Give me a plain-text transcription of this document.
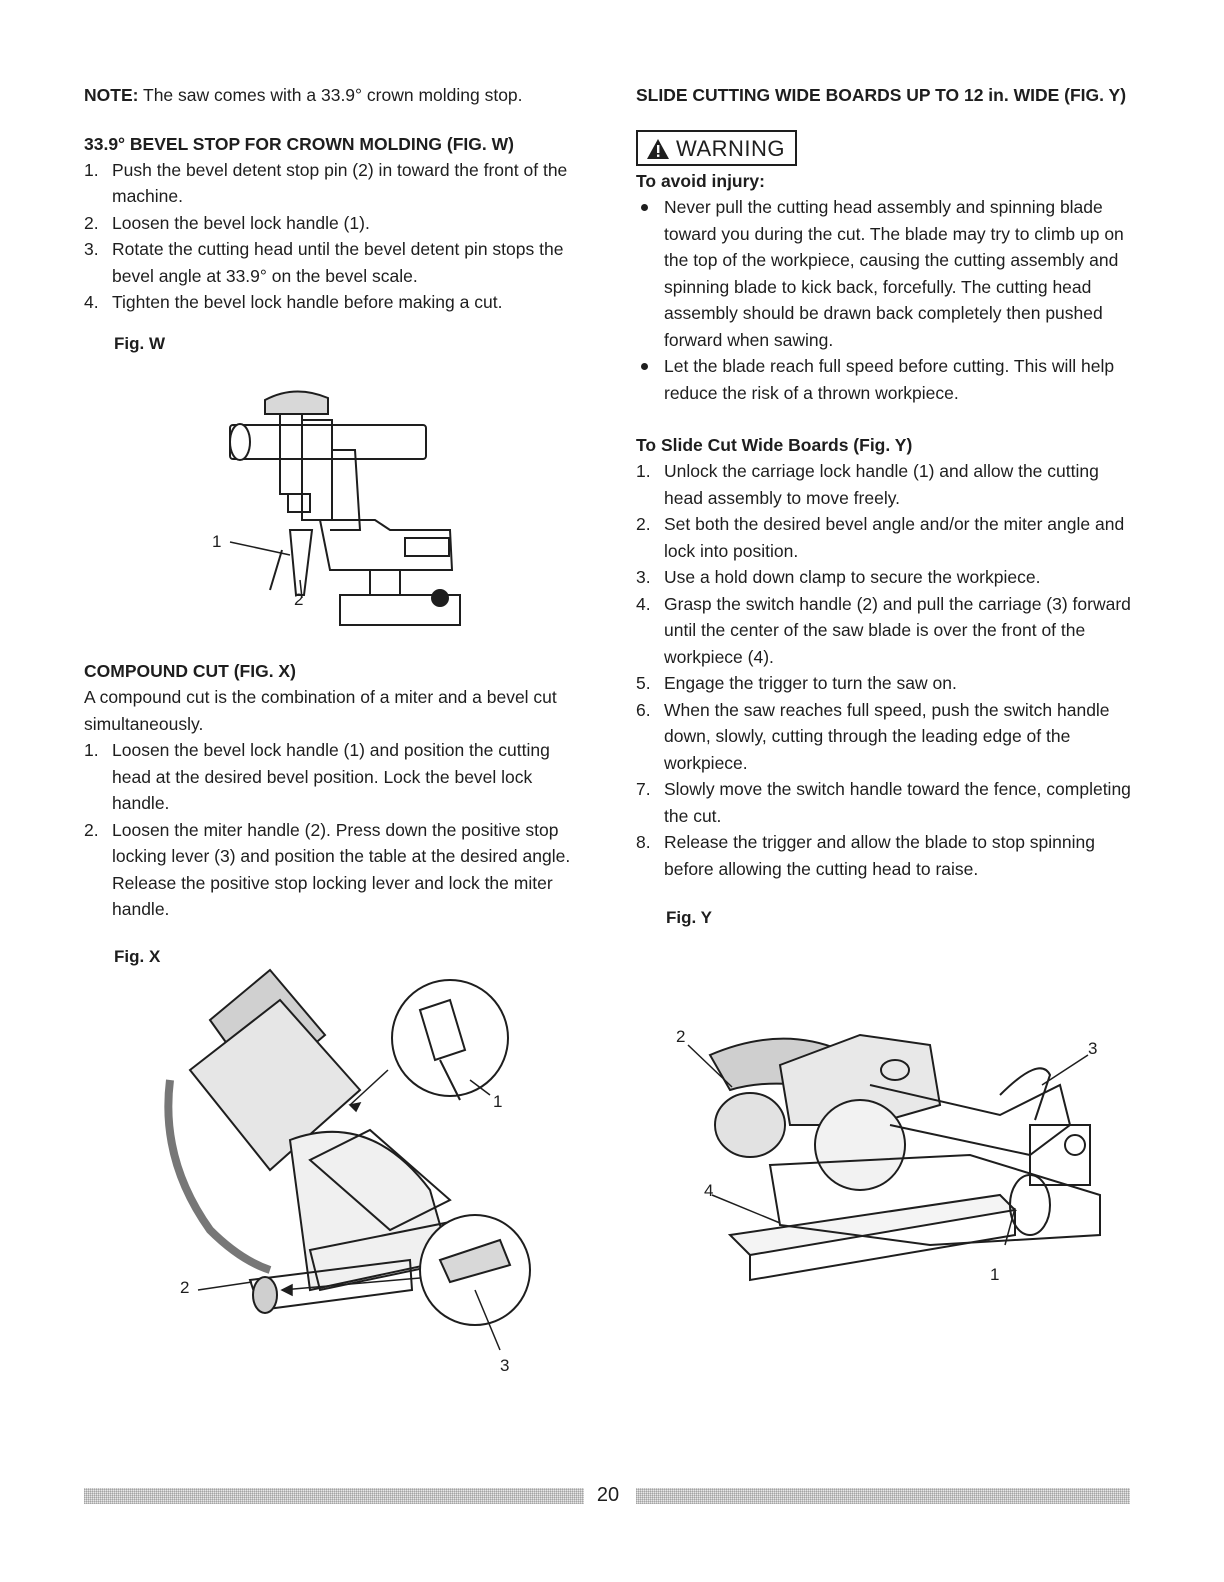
NOTE: The saw comes with a 33.9° crown molding stop.

33.9° BEVEL STOP FOR CROWN MOLDING (FIG. W)
1. Push the bevel detent stop pin (2) in toward the front of the machine.
2. Loosen the bevel lock handle (1).
3. Rotate the cutting head until the bevel detent pin stops the bevel angle at 33.9° on the bevel scale.
4. Tighten the bevel lock handle before making a cut.
Fig. W
1
2
COMPOUND CUT (FIG. X)

A compound cut is the combination of a miter and a bevel cut simultaneously.

1. Loosen the bevel lock handle (1) and position the cutting head at the desired bevel position. Lock the bevel lock handle.
2. Loosen the miter handle (2). Press down the positive stop locking lever (3) and position the table at the desired angle. Release the positive stop locking lever and lock the miter handle.
Fig. X
1
2
3
SLIDE CUTTING WIDE BOARDS UP TO 12 in. WIDE (FIG. Y)
WARNING
To avoid injury:
Never pull the cutting head assembly and spinning blade toward you during the cut. The blade may try to climb up on the top of the workpiece, causing the cutting assembly and spinning blade to kick back, forcefully. The cutting head assembly should be drawn back completely then pushed forward when sawing.
Let the blade reach full speed before cutting. This will help reduce the risk of a thrown workpiece.
To Slide Cut Wide Boards (Fig. Y)
1. Unlock the carriage lock handle (1) and allow the cutting head assembly to move freely.
2. Set both the desired bevel angle and/or the miter angle and lock into position.
3. Use a hold down clamp to secure the workpiece.
4. Grasp the switch handle (2) and pull the carriage (3) forward until the center of the saw blade is over the front of the workpiece (4).
5. Engage the trigger to turn the saw on.
6. When the saw reaches full speed, push the switch handle down, slowly, cutting through the leading edge of the workpiece.
7. Slowly move the switch handle toward the fence, completing the cut.
8. Release the trigger and allow the blade to stop spinning before allowing the cutting head to raise.
Fig. Y
2
3
4
1
20
